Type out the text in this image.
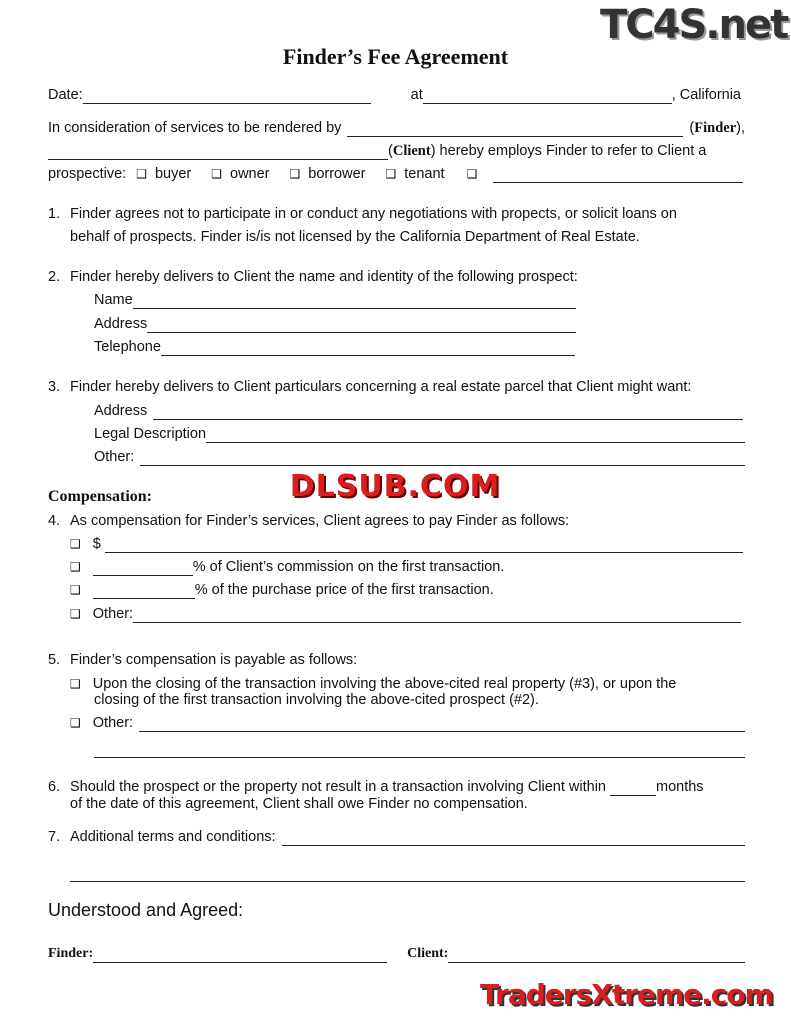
TC4S.net
Finder’s Fee Agreement
Date:	at	, California
In consideration of services to be rendered by	( Finder ),
( Client ) hereby employs Finder to refer to Client a
prospective: ❑ buyer ❑ owner ❑ borrower ❑ tenant ❑
1. Finder agrees not to participate in or conduct any negotiations with propects, or solicit loans on
behalf of prospects. Finder is/is not licensed by the California Department of Real Estate.
2. Finder hereby delivers to Client the name and identity of the following prospect:
Name
Address
Telephone
3. Finder hereby delivers to Client particulars concerning a real estate parcel that Client might want:
Address
Legal Description
Other:
Compensation:	DLSUB.COM
4. As compensation for Finder’s services, Client agrees to pay Finder as follows:
❑ $
❑	% of Client’s commission on the first transaction.
❑	% of the purchase price of the first transaction.
❑ Other:
5. Finder’s compensation is payable as follows:
❑ Upon the closing of the transaction involving the above-cited real property (#3), or upon the
closing of the first transaction involving the above-cited prospect (#2).
❑ Other:
6. Should the prospect or the property not result in a transaction involving Client within	months
of the date of this agreement, Client shall owe Finder no compensation.
7. Additional terms and conditions:
Understood and Agreed:
Finder:	Client:
TradersXtreme.com
